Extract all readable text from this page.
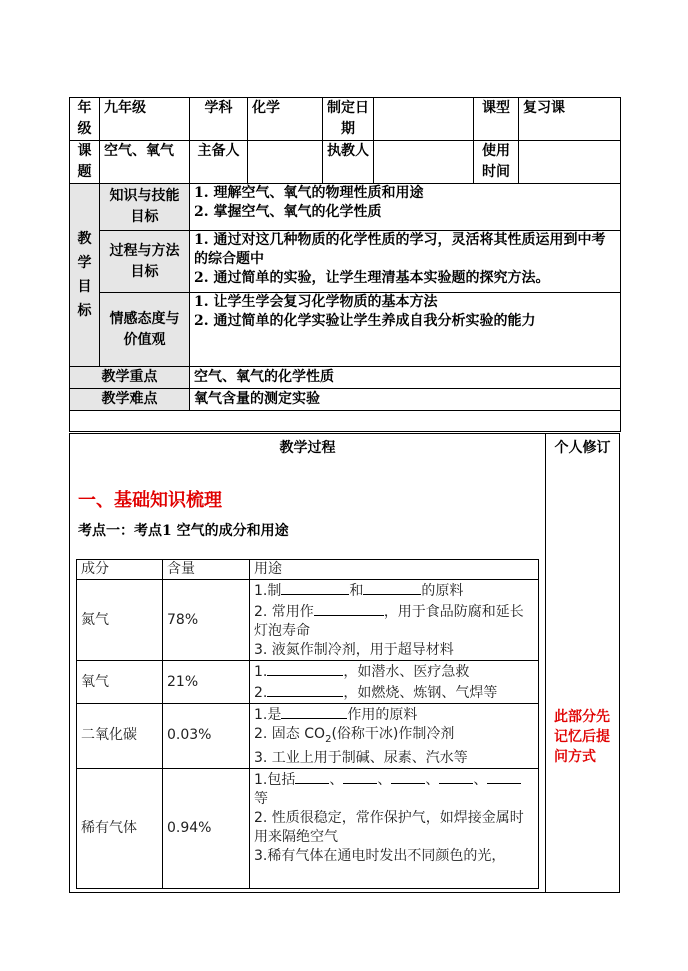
年级	九年级	学科	化学	制定日期		课型	复习课
课题	空气、氧气	主备人		执教人		使用时间	
教学目标	知识与技能目标	1. 理解空气、氧气的物理性质和用途
2. 掌握空气、氧气的化学性质					

	过程与方法目标	1. 通过对这几种物质的化学性质的学习，灵活将其性质运用到中考的综合题中
2. 通过简单的实验，让学生理清基本实验题的探究方法。					

	情感态度与价值观	1. 让学生学会复习化学物质的基本方法
2. 通过简单的化学实验让学生养成自我分析实验的能力					

教学重点		空气、氧气的化学性质					
教学难点		氧气含量的测定实验					

教学过程
一、基础知识梳理
考点一：考点1 空气的成分和用途
成分	含量	用途
氮气	78%	1.制 和 的原料
2. 常用作 ，用于食品防腐和延长灯泡寿命
3. 液氮作制冷剂，用于超导材料

氧气	21%	1. ，如潜水、医疗急救
2. ，如燃烧、炼钢、气焊等

二氧化碳	0.03%	1.是 作用的原料
2. 固态 $CO_2$(俗称干冰)作制冷剂
3. 工业上用于制碱、尿素、汽水等

稀有气体	0.94%	1.包括 、 、 、 、
等
2. 性质很稳定，常作保护气，如焊接金属时用来隔绝空气
3.稀有气体在通电时发出不同颜色的光，
个人修订
此部分先记忆后提问方式
